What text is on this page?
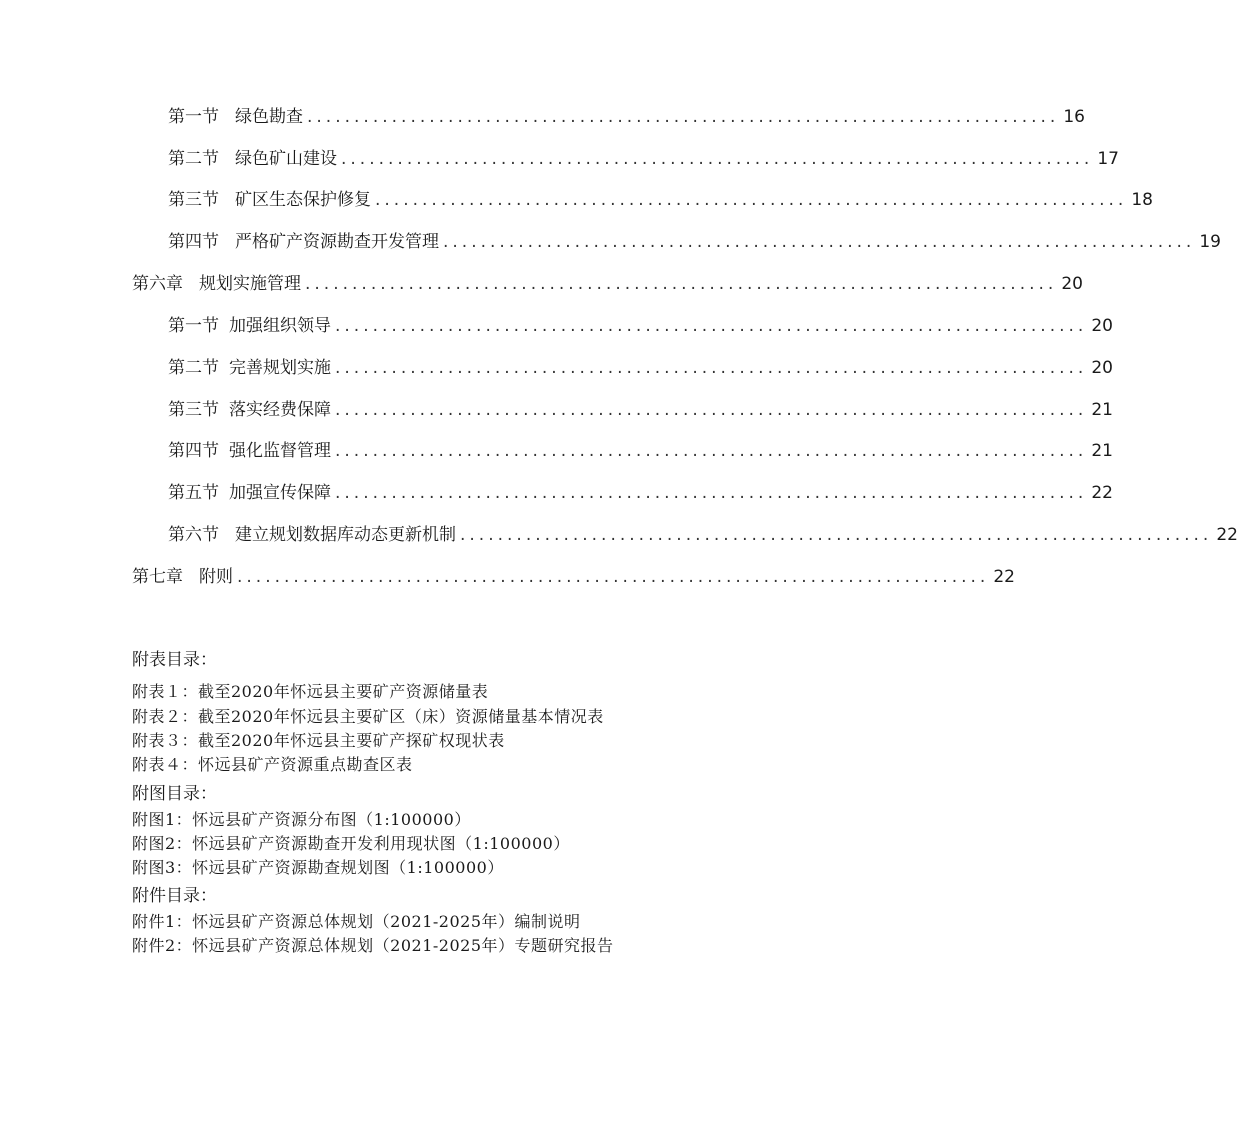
第一节 绿色勘查 ................................................................................ 16
第二节 绿色矿山建设 ................................................................................ 17
第三节 矿区生态保护修复 ................................................................................ 18
第四节 严格矿产资源勘查开发管理 ................................................................................ 19
第六章 规划实施管理 ................................................................................ 20
第一节 加强组织领导 ................................................................................ 20
第二节 完善规划实施 ................................................................................ 20
第三节 落实经费保障 ................................................................................ 21
第四节 强化监督管理 ................................................................................ 21
第五节 加强宣传保障 ................................................................................ 22
第六节 建立规划数据库动态更新机制 ................................................................................ 22
第七章 附则 ................................................................................ 22
附表目录：
附表１：截至2020年怀远县主要矿产资源储量表
附表２：截至2020年怀远县主要矿区（床）资源储量基本情况表
附表３：截至2020年怀远县主要矿产探矿权现状表
附表４：怀远县矿产资源重点勘查区表
附图目录：
附图1：怀远县矿产资源分布图（1:100000）
附图2：怀远县矿产资源勘查开发利用现状图（1:100000）
附图3：怀远县矿产资源勘查规划图（1:100000）
附件目录：
附件1：怀远县矿产资源总体规划（2021-2025年）编制说明
附件2：怀远县矿产资源总体规划（2021-2025年）专题研究报告
